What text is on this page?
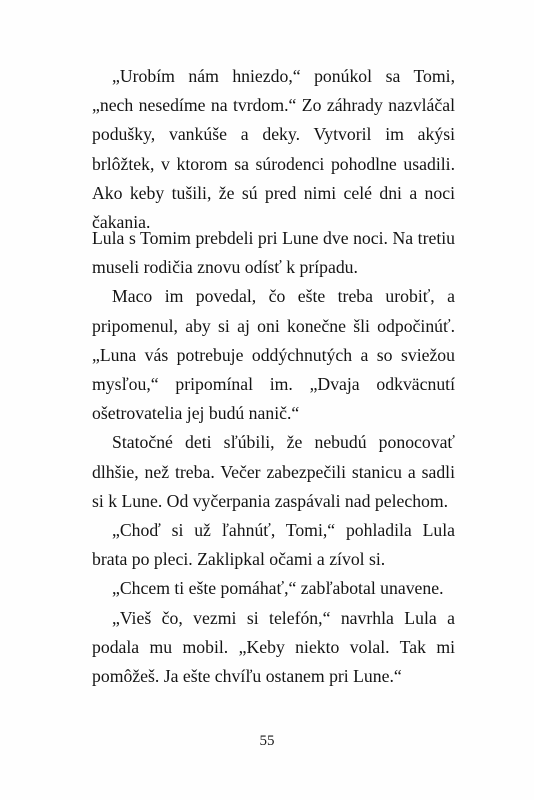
„Urobím nám hniezdo,“ ponúkol sa Tomi, „nech nesedíme na tvrdom.“ Zo záhrady nazvláčal podušky, vankúše a deky. Vytvoril im akýsi brlôžtek, v ktorom sa súrodenci pohodlne usadili. Ako keby tušili, že sú pred nimi celé dni a noci čakania.

Lula s Tomim prebdeli pri Lune dve noci. Na tretiu museli rodičia znovu odísť k prípadu.

Maco im povedal, čo ešte treba urobiť, a pripomenul, aby si aj oni konečne šli odpočinúť. „Luna vás potrebuje oddýchnutých a so sviežou mysľou,“ pripomínal im. „Dvaja odkväcnutí ošetrovatelia jej budú nanič.“

Statočné deti sľúbili, že nebudú ponocovať dlhšie, než treba. Večer zabezpečili stanicu a sadli si k Lune. Od vyčerpania zaspávali nad pelechom.

„Choď si už ľahnúť, Tomi,“ pohladila Lula brata po pleci. Zaklipkal očami a zívol si.

„Chcem ti ešte pomáhať,“ zabľabotal unavene.

„Vieš čo, vezmi si telefón,“ navrhla Lula a podala mu mobil. „Keby niekto volal. Tak mi pomôžeš. Ja ešte chvíľu ostanem pri Lune.“

55
